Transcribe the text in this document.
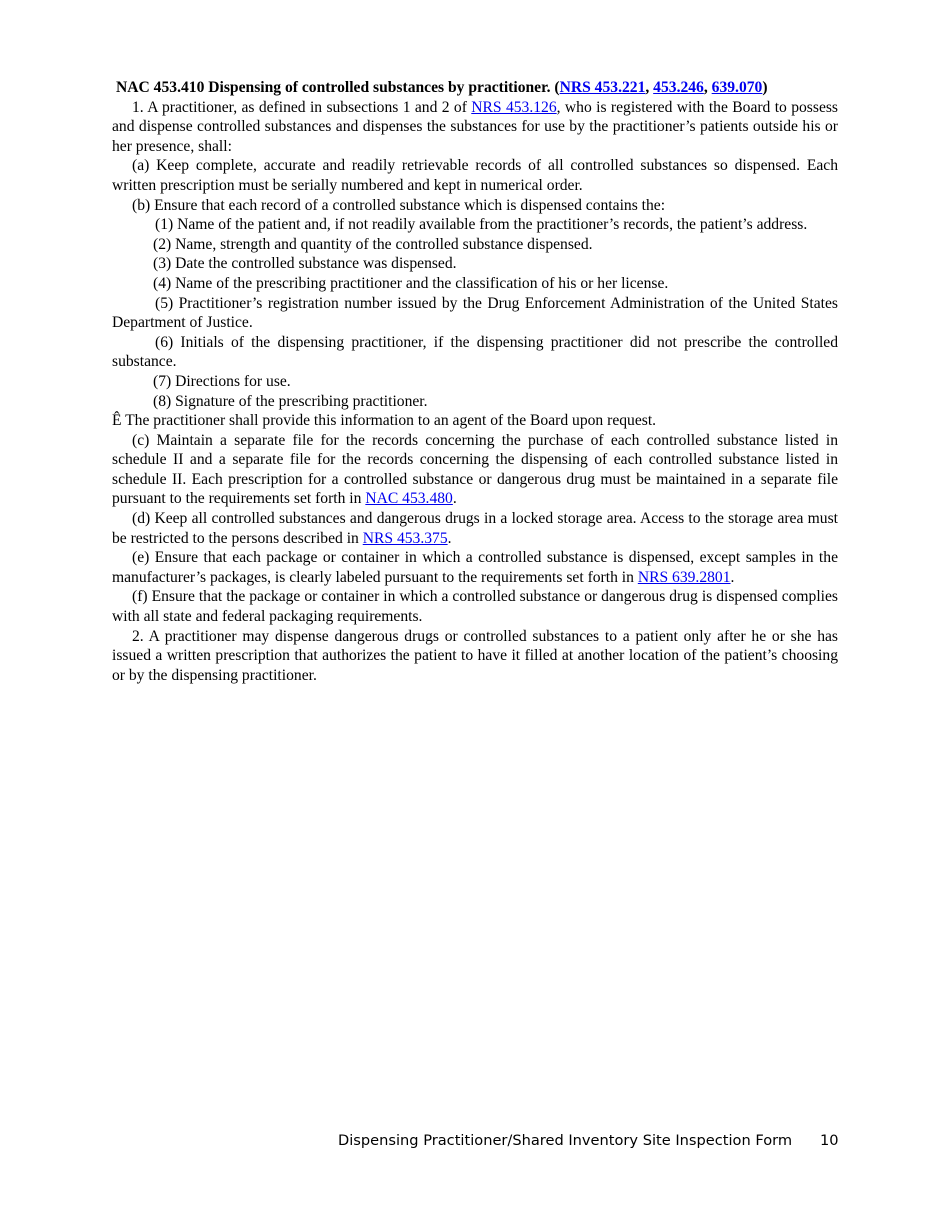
NAC 453.410 Dispensing of controlled substances by practitioner. (NRS 453.221, 453.246, 639.070)

1. A practitioner, as defined in subsections 1 and 2 of NRS 453.126, who is registered with the Board to possess and dispense controlled substances and dispenses the substances for use by the practitioner’s patients outside his or her presence, shall:

(a) Keep complete, accurate and readily retrievable records of all controlled substances so dispensed. Each written prescription must be serially numbered and kept in numerical order.

(b) Ensure that each record of a controlled substance which is dispensed contains the:

(1) Name of the patient and, if not readily available from the practitioner’s records, the patient’s address.

(2) Name, strength and quantity of the controlled substance dispensed.

(3) Date the controlled substance was dispensed.

(4) Name of the prescribing practitioner and the classification of his or her license.

(5) Practitioner’s registration number issued by the Drug Enforcement Administration of the United States Department of Justice.

(6) Initials of the dispensing practitioner, if the dispensing practitioner did not prescribe the controlled substance.

(7) Directions for use.

(8) Signature of the prescribing practitioner.

Ê The practitioner shall provide this information to an agent of the Board upon request.

(c) Maintain a separate file for the records concerning the purchase of each controlled substance listed in schedule II and a separate file for the records concerning the dispensing of each controlled substance listed in schedule II. Each prescription for a controlled substance or dangerous drug must be maintained in a separate file pursuant to the requirements set forth in NAC 453.480.

(d) Keep all controlled substances and dangerous drugs in a locked storage area. Access to the storage area must be restricted to the persons described in NRS 453.375.

(e) Ensure that each package or container in which a controlled substance is dispensed, except samples in the manufacturer’s packages, is clearly labeled pursuant to the requirements set forth in NRS 639.2801.

(f) Ensure that the package or container in which a controlled substance or dangerous drug is dispensed complies with all state and federal packaging requirements.

2. A practitioner may dispense dangerous drugs or controlled substances to a patient only after he or she has issued a written prescription that authorizes the patient to have it filled at another location of the patient’s choosing or by the dispensing practitioner.

Dispensing Practitioner/Shared Inventory Site Inspection Form 10
